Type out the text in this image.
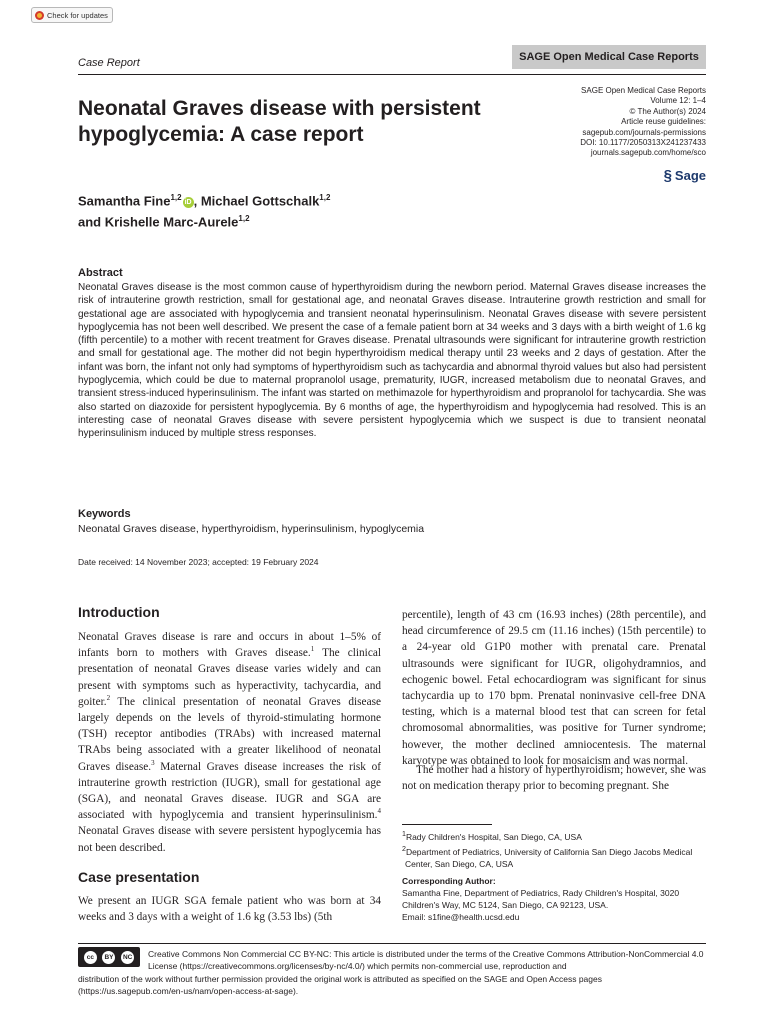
Check for updates
Case Report	SAGE Open Medical Case Reports
SAGE Open Medical Case Reports
Volume 12: 1–4
© The Author(s) 2024
Article reuse guidelines:
sagepub.com/journals-permissions
DOI: 10.1177/2050313X241237433
journals.sagepub.com/home/sco
§ Sage
Neonatal Graves disease with persistent hypoglycemia: A case report
Samantha Fine$^{1,2}$iD , Michael Gottschalk$^{1,2}$
and Krishelle Marc-Aurele$^{1,2}$
Abstract
Neonatal Graves disease is the most common cause of hyperthyroidism during the newborn period. Maternal Graves disease increases the risk of intrauterine growth restriction, small for gestational age, and neonatal Graves disease. Intrauterine growth restriction and small for gestational age are associated with hypoglycemia and transient neonatal hyperinsulinism. Neonatal Graves disease with severe persistent hypoglycemia has not been well described. We present the case of a female patient born at 34 weeks and 3 days with a birth weight of 1.6 kg (fifth percentile) to a mother with recent treatment for Graves disease. Prenatal ultrasounds were significant for intrauterine growth restriction and small for gestational age. The mother did not begin hyperthyroidism medical therapy until 23 weeks and 2 days of gestation. After the infant was born, the infant not only had symptoms of hyperthyroidism such as tachycardia and abnormal thyroid values but also had persistent hypoglycemia, which could be due to maternal propranolol usage, prematurity, IUGR, increased metabolism due to neonatal Graves, and transient stress-induced hyperinsulinism. The infant was started on methimazole for hyperthyroidism and propranolol for tachycardia. She was also started on diazoxide for persistent hypoglycemia. By 6 months of age, the hyperthyroidism and hypoglycemia had resolved. This is an interesting case of neonatal Graves disease with severe persistent hypoglycemia which we suspect is due to transient neonatal hyperinsulinism induced by multiple stress responses.
Keywords
Neonatal Graves disease, hyperthyroidism, hyperinsulinism, hypoglycemia
Date received: 14 November 2023; accepted: 19 February 2024
Introduction
Neonatal Graves disease is rare and occurs in about 1–5% of infants born to mothers with Graves disease.$^1$ The clinical presentation of neonatal Graves disease varies widely and can present with symptoms such as hyperactivity, tachycardia, and goiter.$^2$ The clinical presentation of neonatal Graves disease largely depends on the levels of thyroid-stimulating hormone (TSH) receptor antibodies (TRAbs) with increased maternal TRAbs being associated with a greater likelihood of neonatal Graves disease.$^3$ Maternal Graves disease increases the risk of intrauterine growth restriction (IUGR), small for gestational age (SGA), and neonatal Graves disease. IUGR and SGA are associated with hypoglycemia and transient hyperinsulinism.$^4$ Neonatal Graves disease with severe persistent hypoglycemia has not been described.
Case presentation
We present an IUGR SGA female patient who was born at 34 weeks and 3 days with a weight of 1.6 kg (3.53 lbs) (5th
percentile), length of 43 cm (16.93 inches) (28th percentile), and head circumference of 29.5 cm (11.16 inches) (15th percentile) to a 24-year old G1P0 mother with prenatal care. Prenatal ultrasounds were significant for IUGR, oligohydramnios, and echogenic bowel. Fetal echocardiogram was significant for sinus tachycardia up to 170 bpm. Prenatal noninvasive cell-free DNA testing, which is a maternal blood test that can screen for fetal chromosomal abnormalities, was positive for Turner syndrome; however, the mother declined amniocentesis. The maternal karyotype was obtained to look for mosaicism and was normal.
The mother had a history of hyperthyroidism; however, she was not on medication therapy prior to becoming pregnant. She
$^1$Rady Children's Hospital, San Diego, CA, USA
$^2$Department of Pediatrics, University of California San Diego Jacobs Medical Center, San Diego, CA, USA
Corresponding Author:
Samantha Fine, Department of Pediatrics, Rady Children's Hospital, 3020 Children's Way, MC 5124, San Diego, CA 92123, USA.
Email: s1fine@health.ucsd.edu
cc	BY	NC Creative Commons Non Commercial CC BY-NC: This article is distributed under the terms of the Creative Commons Attribution-NonCommercial 4.0 License (https://creativecommons.org/licenses/by-nc/4.0/) which permits non-commercial use, reproduction and
distribution of the work without further permission provided the original work is attributed as specified on the SAGE and Open Access pages (https://us.sagepub.com/en-us/nam/open-access-at-sage).
